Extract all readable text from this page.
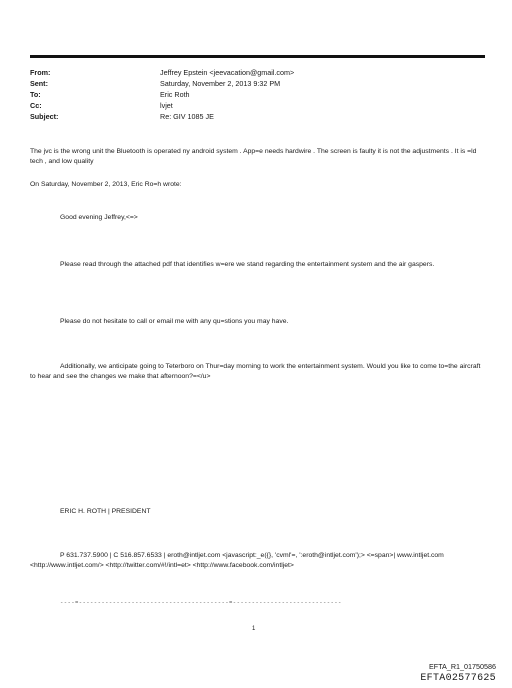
From:	Jeffrey Epstein <jeevacation@gmail.com>
Sent:	Saturday, November 2, 2013 9:32 PM
To:	Eric Roth
Cc:	lvjet
Subject:	Re: GIV 1085 JE

The jvc is the wrong unit the Bluetooth is operated ny android system . App=e needs hardwire . The screen is faulty it is not the adjustments . It is =ld tech , and low quality

On Saturday, November 2, 2013, Eric Ro=h wrote:

Good evening Jeffrey,<=>

Please read through the attached pdf that identifies w=ere we stand regarding the entertainment system and the air gaspers.

Please do not hesitate to call or email me with any qu=stions you may have.

Additionally, we anticipate going to Teterboro on Thur=day morning to work the entertainment system. Would you like to come to=the aircraft to hear and see the changes we make that afternoon?=</u>

ERIC H. ROTH | PRESIDENT

P 631.737.5900 | C 516.857.6533 | eroth@intljet.com <javascript:_e({}, 'cvml'=, ':eroth@intljet.com');> <=span>| www.intljet.com <http://www.intljet.com/> <http://twitter.com/#!/intl=et> <http://www.facebook.com/intljet>

----=----------------------------------------=-----------------------------
1
EFTA_R1_01750586
EFTA02577625
